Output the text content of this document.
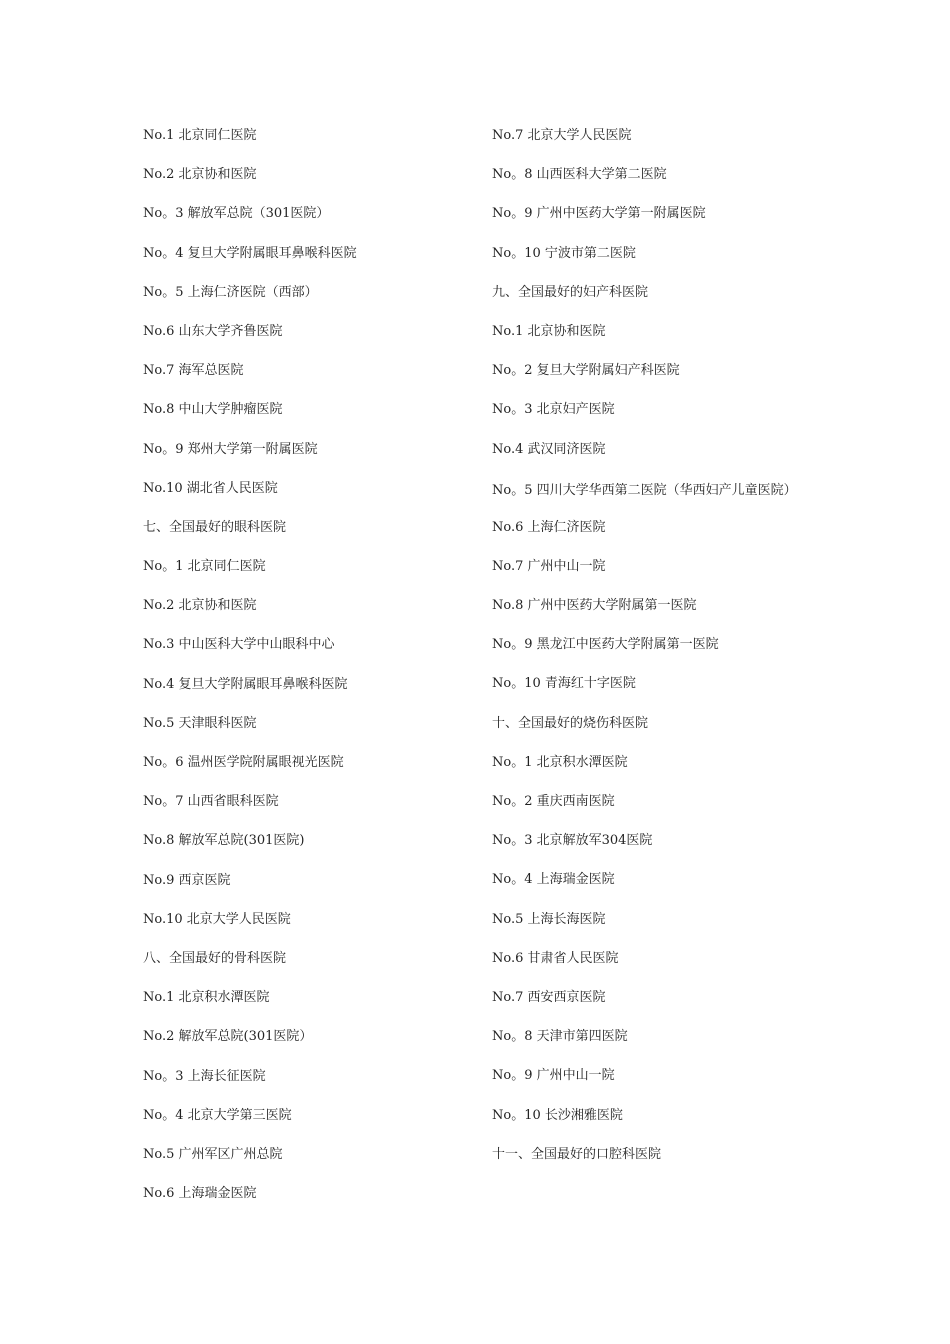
No.1 北京同仁医院
No.2 北京协和医院
No。3 解放军总院（301医院）
No。4 复旦大学附属眼耳鼻喉科医院
No。5 上海仁济医院（西部）
No.6 山东大学齐鲁医院
No.7 海军总医院
No.8 中山大学肿瘤医院
No。9 郑州大学第一附属医院
No.10 湖北省人民医院
七、全国最好的眼科医院
No。1 北京同仁医院
No.2 北京协和医院
No.3 中山医科大学中山眼科中心
No.4 复旦大学附属眼耳鼻喉科医院
No.5 天津眼科医院
No。6 温州医学院附属眼视光医院
No。7 山西省眼科医院
No.8 解放军总院(301医院)
No.9 西京医院
No.10 北京大学人民医院
八、全国最好的骨科医院
No.1 北京积水潭医院
No.2 解放军总院(301医院）
No。3 上海长征医院
No。4 北京大学第三医院
No.5 广州军区广州总院
No.6 上海瑞金医院
No.7 北京大学人民医院
No。8 山西医科大学第二医院
No。9 广州中医药大学第一附属医院
No。10 宁波市第二医院
九、全国最好的妇产科医院
No.1 北京协和医院
No。2 复旦大学附属妇产科医院
No。3 北京妇产医院
No.4 武汉同济医院
No。5 四川大学华西第二医院（华西妇产儿童医院）
No.6 上海仁济医院
No.7 广州中山一院
No.8 广州中医药大学附属第一医院
No。9 黑龙江中医药大学附属第一医院
No。10 青海红十字医院
十、全国最好的烧伤科医院
No。1 北京积水潭医院
No。2 重庆西南医院
No。3 北京解放军304医院
No。4 上海瑞金医院
No.5 上海长海医院
No.6 甘肃省人民医院
No.7 西安西京医院
No。8 天津市第四医院
No。9 广州中山一院
No。10 长沙湘雅医院
十一、全国最好的口腔科医院
